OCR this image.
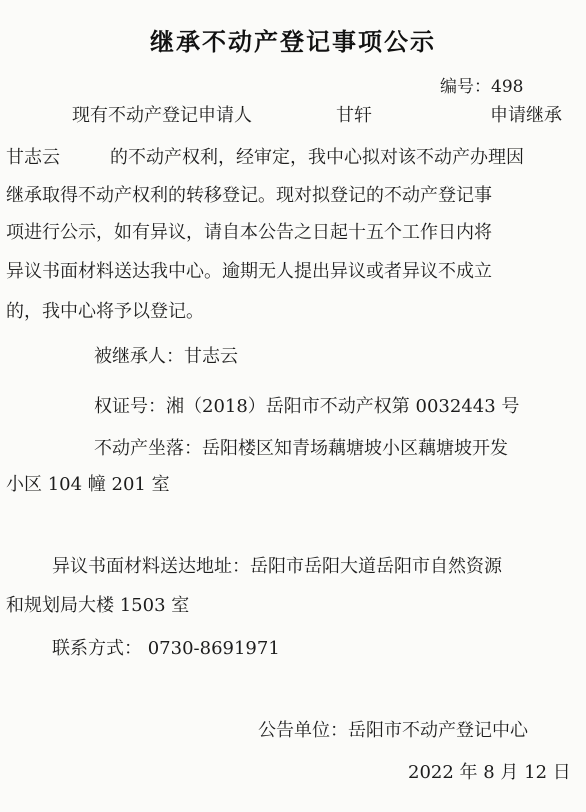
继承不动产登记事项公示
编号：498
现有不动产登记申请人	甘轩	申请继承
甘志云	的不动产权利，经审定，我中心拟对该不动产办理因
继承取得不动产权利的转移登记。现对拟登记的不动产登记事
项进行公示，如有异议，请自本公告之日起十五个工作日内将
异议书面材料送达我中心。逾期无人提出异议或者异议不成立
的，我中心将予以登记。
被继承人：甘志云
权证号：湘（2018）岳阳市不动产权第 0032443 号
不动产坐落：岳阳楼区知青场藕塘坡小区藕塘坡开发
小区 104 幢 201 室
异议书面材料送达地址：岳阳市岳阳大道岳阳市自然资源
和规划局大楼 1503 室
联系方式： 0730-8691971
公告单位：岳阳市不动产登记中心
2022 年 8 月 12 日
